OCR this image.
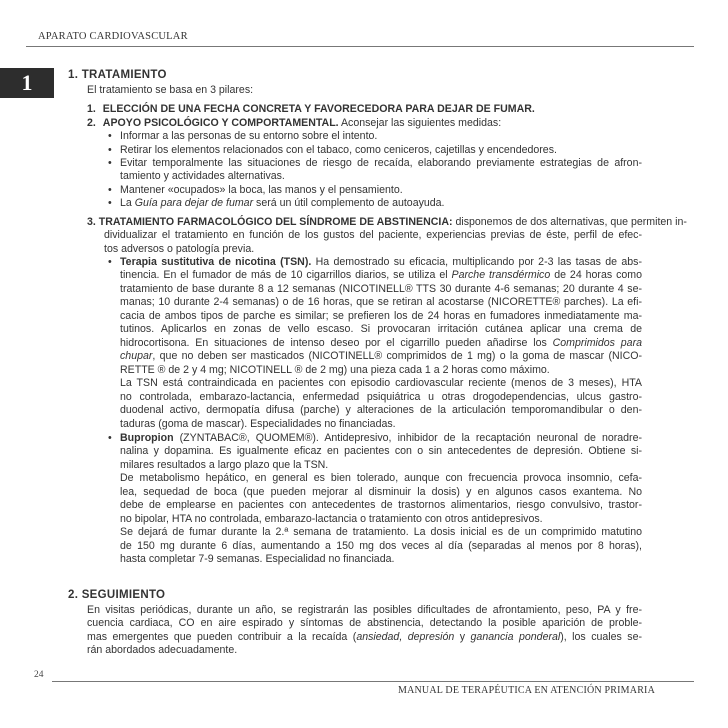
APARATO CARDIOVASCULAR
1	1. TRATAMIENTO
El tratamiento se basa en 3 pilares:
1. ELECCIÓN DE UNA FECHA CONCRETA Y FAVORECEDORA PARA DEJAR DE FUMAR.
2. APOYO PSICOLÓGICO Y COMPORTAMENTAL. Aconsejar las siguientes medidas:
• Informar a las personas de su entorno sobre el intento.
• Retirar los elementos relacionados con el tabaco, como ceniceros, cajetillas y encendedores.
• Evitar temporalmente las situaciones de riesgo de recaída, elaborando previamente estrategias de afron-
tamiento y actividades alternativas.
• Mantener «ocupados» la boca, las manos y el pensamiento.
• La Guía para dejar de fumar será un útil complemento de autoayuda.
3. TRATAMIENTO FARMACOLÓGICO DEL SÍNDROME DE ABSTINENCIA: disponemos de dos alternativas, que permiten in-
dividualizar el tratamiento en función de los gustos del paciente, experiencias previas de éste, perfil de efec-
tos adversos o patología previa.
• Terapia sustitutiva de nicotina (TSN). Ha demostrado su eficacia, multiplicando por 2-3 las tasas de abs-
tinencia. En el fumador de más de 10 cigarrillos diarios, se utiliza el Parche transdérmico de 24 horas como
tratamiento de base durante 8 a 12 semanas (NICOTINELL® TTS 30 durante 4-6 semanas; 20 durante 4 se-
manas; 10 durante 2-4 semanas) o de 16 horas, que se retiran al acostarse (NICORETTE® parches). La efi-
cacia de ambos tipos de parche es similar; se prefieren los de 24 horas en fumadores inmediatamente ma-
tutinos. Aplicarlos en zonas de vello escaso. Si provocaran irritación cutánea aplicar una crema de
hidrocortisona. En situaciones de intenso deseo por el cigarrillo pueden añadirse los Comprimidos para
chupar, que no deben ser masticados (NICOTINELL® comprimidos de 1 mg) o la goma de mascar (NICO-
RETTE ® de 2 y 4 mg; NICOTINELL ® de 2 mg) una pieza cada 1 a 2 horas como máximo.
La TSN está contraindicada en pacientes con episodio cardiovascular reciente (menos de 3 meses), HTA
no controlada, embarazo-lactancia, enfermedad psiquiátrica u otras drogodependencias, ulcus gastro-
duodenal activo, dermopatía difusa (parche) y alteraciones de la articulación temporomandibular o den-
taduras (goma de mascar). Especialidades no financiadas.
• Bupropion (ZYNTABAC®, QUOMEM®). Antidepresivo, inhibidor de la recaptación neuronal de noradre-
nalina y dopamina. Es igualmente eficaz en pacientes con o sin antecedentes de depresión. Obtiene si-
milares resultados a largo plazo que la TSN.
De metabolismo hepático, en general es bien tolerado, aunque con frecuencia provoca insomnio, cefa-
lea, sequedad de boca (que pueden mejorar al disminuir la dosis) y en algunos casos exantema. No
debe de emplearse en pacientes con antecedentes de trastornos alimentarios, riesgo convulsivo, trastor-
no bipolar, HTA no controlada, embarazo-lactancia o tratamiento con otros antidepresivos.
Se dejará de fumar durante la 2.ª semana de tratamiento. La dosis inicial es de un comprimido matutino
de 150 mg durante 6 días, aumentando a 150 mg dos veces al día (separadas al menos por 8 horas),
hasta completar 7-9 semanas. Especialidad no financiada.
2. SEGUIMIENTO
En visitas periódicas, durante un año, se registrarán las posibles dificultades de afrontamiento, peso, PA y fre-
cuencia cardiaca, CO en aire espirado y síntomas de abstinencia, detectando la posible aparición de proble-
mas emergentes que pueden contribuir a la recaída (ansiedad, depresión y ganancia ponderal), los cuales se-
rán abordados adecuadamente.
24
MANUAL DE TERAPÉUTICA EN ATENCIÓN PRIMARIA
